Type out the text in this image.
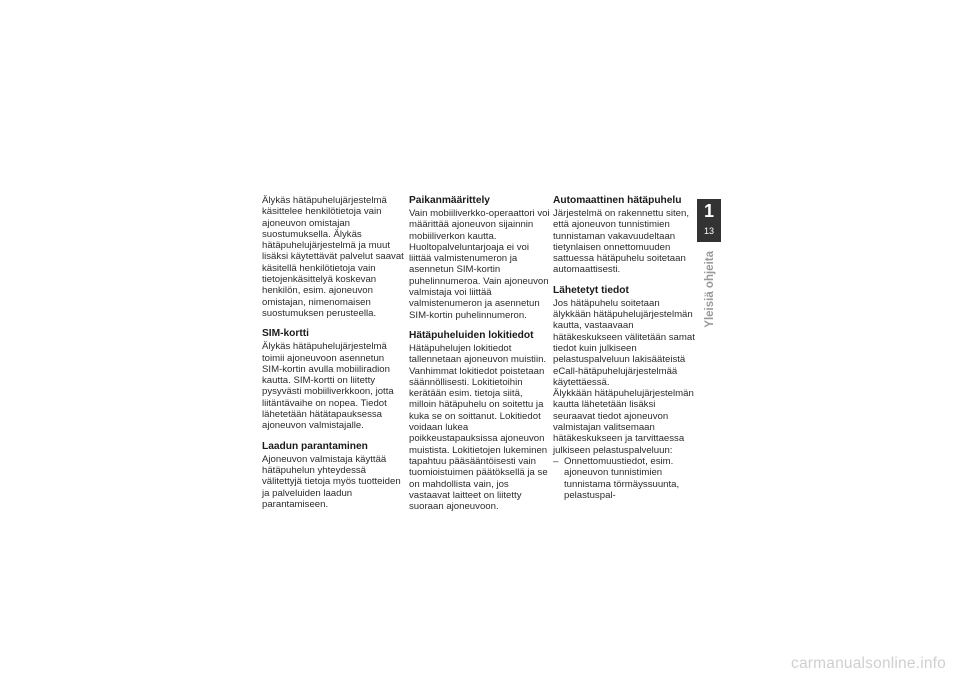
Älykäs hätäpuhelujärjestelmä käsittelee henkilötietoja vain ajoneuvon omistajan suostumuksella. Älykäs hätäpuhelujärjestelmä ja muut lisäksi käytettävät palvelut saavat käsitellä henkilötietoja vain tietojenkäsittelyä koskevan henkilön, esim. ajoneuvon omistajan, nimenomaisen suostumuksen perusteella.

SIM-kortti

Älykäs hätäpuhelujärjestelmä toimii ajoneuvoon asennetun SIM-kortin avulla mobiiliradion kautta. SIM-kortti on liitetty pysyvästi mobiiliverkkoon, jotta liitäntävaihe on nopea. Tiedot lähetetään hätätapauksessa ajoneuvon valmistajalle.

Laadun parantaminen

Ajoneuvon valmistaja käyttää hätäpuhelun yhteydessä välitettyjä tietoja myös tuotteiden ja palveluiden laadun parantamiseen.

Paikanmäärittely

Vain mobiiliverkko-operaattori voi määrittää ajoneuvon sijainnin mobiiliverkon kautta. Huoltopalveluntarjoaja ei voi liittää valmistenumeron ja asennetun SIM-kortin puhelinnumeroa. Vain ajoneuvon valmistaja voi liittää valmistenumeron ja asennetun SIM-kortin puhelinnumeron.

Hätäpuheluiden lokitiedot

Hätäpuhelujen lokitiedot tallennetaan ajoneuvon muistiin. Vanhimmat lokitiedot poistetaan säännöllisesti. Lokitietoihin kerätään esim. tietoja siitä, milloin hätäpuhelu on soitettu ja kuka se on soittanut. Lokitiedot voidaan lukea poikkeustapauksissa ajoneuvon muistista. Lokitietojen lukeminen tapahtuu pääsääntöisesti vain tuomioistuimen päätöksellä ja se on mahdollista vain, jos vastaavat laitteet on liitetty suoraan ajoneuvoon.

Automaattinen hätäpuhelu

Järjestelmä on rakennettu siten, että ajoneuvon tunnistimien tunnistaman vakavuudeltaan tietynlaisen onnettomuuden sattuessa hätäpuhelu soitetaan automaattisesti.

Lähetetyt tiedot

Jos hätäpuhelu soitetaan älykkään hätäpuhelujärjestelmän kautta, vastaavaan hätäkeskukseen välitetään samat tiedot kuin julkiseen pelastuspalveluun lakisääteistä eCall-hätäpuhelujärjestelmää käytettäessä.

Älykkään hätäpuhelujärjestelmän kautta lähetetään lisäksi seuraavat tiedot ajoneuvon valmistajan valitsemaan hätäkeskukseen ja tarvittaessa julkiseen pelastuspalveluun:

– Onnettomuustiedot, esim. ajoneuvon tunnistimien tunnistama törmäyssuunta, pelastuspal-

1
13
Yleisiä ohjeita
carmanualsonline.info
